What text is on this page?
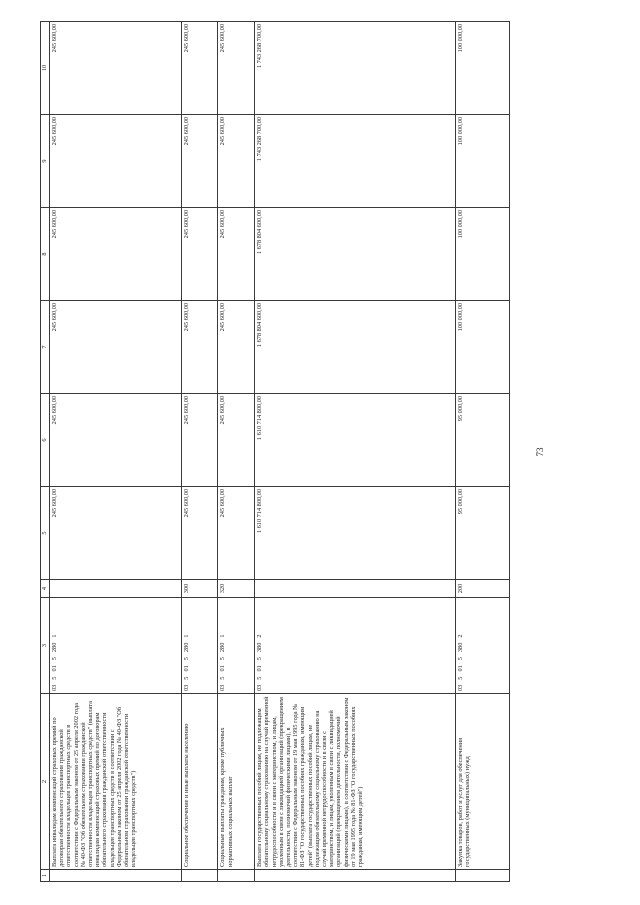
1	2	3	4	5	6	7	8	9	10
	Выплата инвалидам компенсаций страховых премий по договорам обязательного страхования гражданской ответственности владельцев транспортных средств в соответствии с Федеральным законом от 25 апреля 2002 года № 40-ФЗ "Об обязательном страховании гражданской ответственности владельцев транспортных средств" (выплата инвалидам компенсаций страховых премий по договорам обязательного страхования гражданской ответственности владельцев транспортных средств в соответствии с Федеральным законом от 25 апреля 2002 года № 40-ФЗ "Об обязательном страховании гражданской ответственности владельцев транспортных средств")	0350152801		245 600,00	245 600,00	245 600,00	245 600,00	245 600,00	245 600,00
	Социальное обеспечение и иные выплаты населению	0350152801	300	245 600,00	245 600,00	245 600,00	245 600,00	245 600,00	245 600,00
	Социальные выплаты гражданам, кроме публичных нормативных социальных выплат	0350152801	320	245 600,00	245 600,00	245 600,00	245 600,00	245 600,00	245 600,00
	Выплата государственных пособий лицам, не подлежащим обязательному социальному страхованию на случай временной нетрудоспособности и в связи с материнством, и лицам, уволенным в связи с ликвидацией организаций (прекращением деятельности, полномочий физическими лицами), в соответствии с Федеральным законом от 19 мая 1995 года № 81-ФЗ "О государственных пособиях гражданам, имеющим детей" (выплата государственных пособий лицам, не подлежащим обязательному социальному страхованию на случай временной нетрудоспособности и в связи с материнством, и лицам, уволенным в связи с ликвидацией организаций (прекращением деятельности, полномочий физическими лицами), в соответствии с Федеральным законом от 19 мая 1995 года № 81-ФЗ "О государственных пособиях гражданам, имеющим детей")	0350153802		1 610 714 800,00	1 610 714 800,00	1 678 804 600,00	1 678 804 600,00	1 743 268 700,00	1 743 268 700,00
	Закупка товаров, работ и услуг для обеспечения государственных (муниципальных) нужд	0350153802	200	95 000,00	95 000,00	100 000,00	100 000,00	100 000,00	100 000,00
73
